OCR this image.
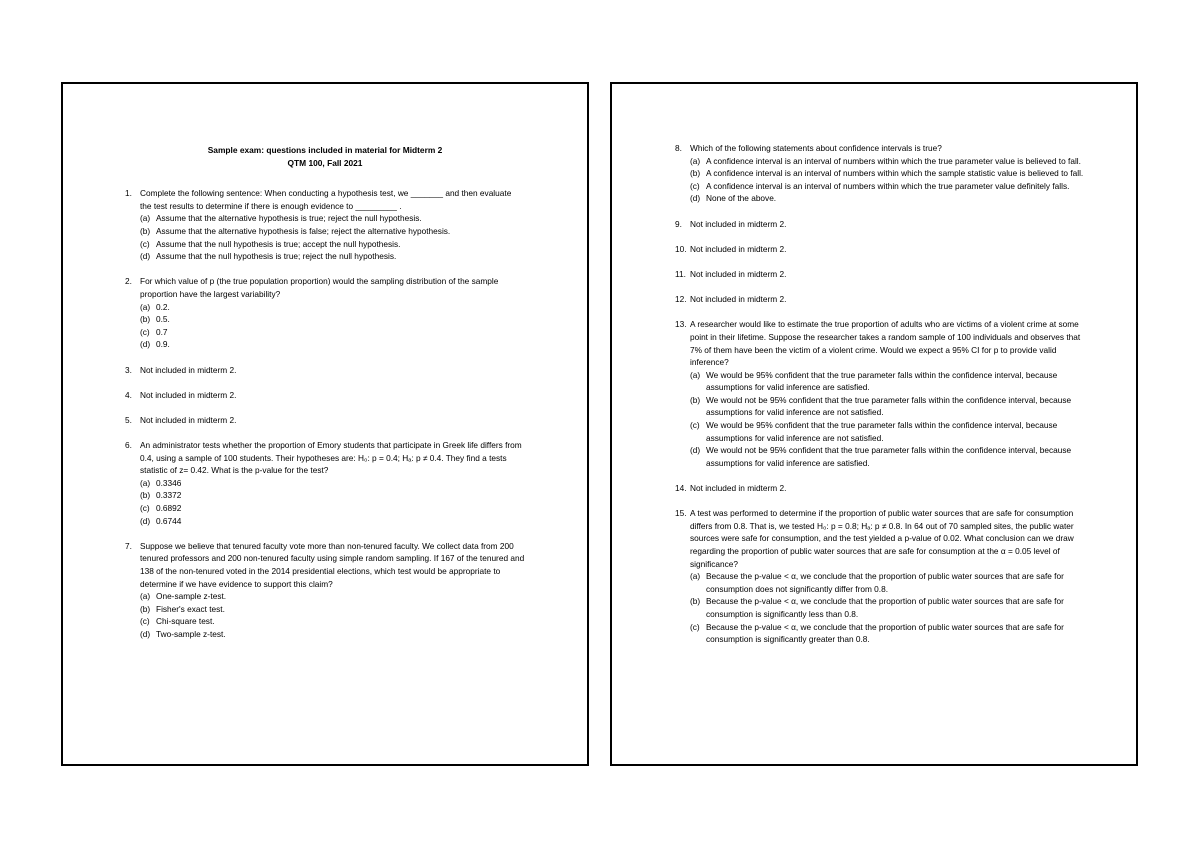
Sample exam: questions included in material for Midterm 2

QTM 100, Fall 2021

1. Complete the following sentence: When conducting a hypothesis test, we _______ and then evaluate the test results to determine if there is enough evidence to _________ .
(a) Assume that the alternative hypothesis is true; reject the null hypothesis.
(b) Assume that the alternative hypothesis is false; reject the alternative hypothesis.
(c) Assume that the null hypothesis is true; accept the null hypothesis.
(d) Assume that the null hypothesis is true; reject the null hypothesis.
2. For which value of p (the true population proportion) would the sampling distribution of the sample proportion have the largest variability?
(a) 0.2.
(b) 0.5.
(c) 0.7
(d) 0.9.
3. Not included in midterm 2.
4. Not included in midterm 2.
5. Not included in midterm 2.
6. An administrator tests whether the proportion of Emory students that participate in Greek life differs from 0.4, using a sample of 100 students. Their hypotheses are: H₀: p = 0.4; Hₐ: p ≠ 0.4. They find a tests statistic of z= 0.42. What is the p-value for the test?
(a) 0.3346
(b) 0.3372
(c) 0.6892
(d) 0.6744
7. Suppose we believe that tenured faculty vote more than non-tenured faculty. We collect data from 200 tenured professors and 200 non-tenured faculty using simple random sampling. If 167 of the tenured and 138 of the non-tenured voted in the 2014 presidential elections, which test would be appropriate to determine if we have evidence to support this claim?
(a) One-sample z-test.
(b) Fisher's exact test.
(c) Chi-square test.
(d) Two-sample z-test.
8. Which of the following statements about confidence intervals is true?
(a) A confidence interval is an interval of numbers within which the true parameter value is believed to fall.
(b) A confidence interval is an interval of numbers within which the sample statistic value is believed to fall.
(c) A confidence interval is an interval of numbers within which the true parameter value definitely falls.
(d) None of the above.
9. Not included in midterm 2.
10. Not included in midterm 2.
11. Not included in midterm 2.
12. Not included in midterm 2.
13. A researcher would like to estimate the true proportion of adults who are victims of a violent crime at some point in their lifetime. Suppose the researcher takes a random sample of 100 individuals and observes that 7% of them have been the victim of a violent crime. Would we expect a 95% CI for p to provide valid inference?
(a) We would be 95% confident that the true parameter falls within the confidence interval, because assumptions for valid inference are satisfied.
(b) We would not be 95% confident that the true parameter falls within the confidence interval, because assumptions for valid inference are not satisfied.
(c) We would be 95% confident that the true parameter falls within the confidence interval, because assumptions for valid inference are not satisfied.
(d) We would not be 95% confident that the true parameter falls within the confidence interval, because assumptions for valid inference are satisfied.
14. Not included in midterm 2.
15. A test was performed to determine if the proportion of public water sources that are safe for consumption differs from 0.8. That is, we tested H₀: p = 0.8; Hₐ: p ≠ 0.8. In 64 out of 70 sampled sites, the public water sources were safe for consumption, and the test yielded a p-value of 0.02. What conclusion can we draw regarding the proportion of public water sources that are safe for consumption at the α = 0.05 level of significance?
(a) Because the p-value < α, we conclude that the proportion of public water sources that are safe for consumption does not significantly differ from 0.8.
(b) Because the p-value < α, we conclude that the proportion of public water sources that are safe for consumption is significantly less than 0.8.
(c) Because the p-value < α, we conclude that the proportion of public water sources that are safe for consumption is significantly greater than 0.8.
